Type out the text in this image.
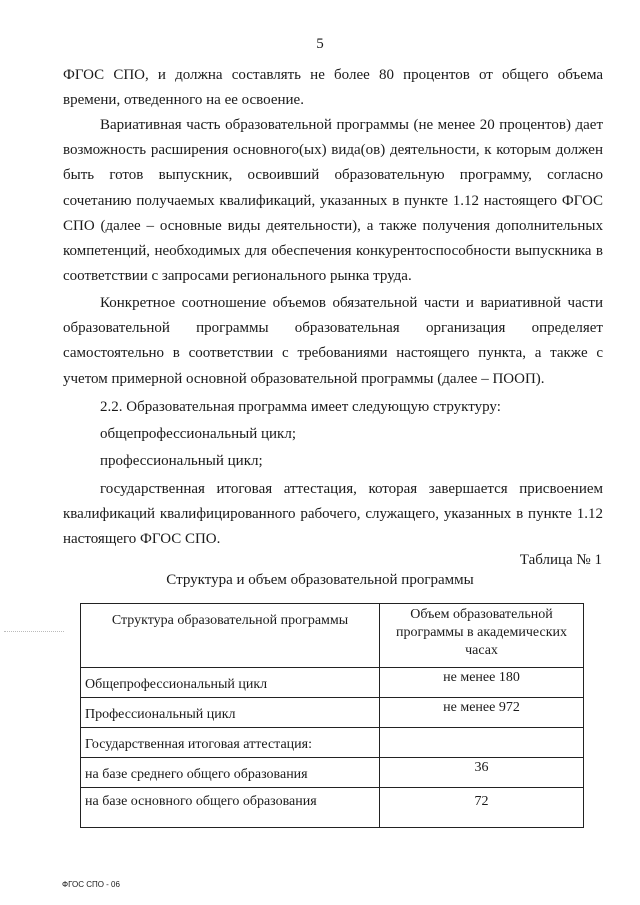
5

ФГОС СПО, и должна составлять не более 80 процентов от общего объема времени, отведенного на ее освоение.

Вариативная часть образовательной программы (не менее 20 процентов) дает возможность расширения основного(ых) вида(ов) деятельности, к которым должен быть готов выпускник, освоивший образовательную программу, согласно сочетанию получаемых квалификаций, указанных в пункте 1.12 настоящего ФГОС СПО (далее – основные виды деятельности), а также получения дополнительных компетенций, необходимых для обеспечения конкурентоспособности выпускника в соответствии с запросами регионального рынка труда.

Конкретное соотношение объемов обязательной части и вариативной части образовательной программы образовательная организация определяет самостоятельно в соответствии с требованиями настоящего пункта, а также с учетом примерной основной образовательной программы (далее – ПООП).

2.2. Образовательная программа имеет следующую структуру:

общепрофессиональный цикл;

профессиональный цикл;

государственная итоговая аттестация, которая завершается присвоением квалификаций квалифицированного рабочего, служащего, указанных в пункте 1.12 настоящего ФГОС СПО.

Таблица № 1
Структура и объем образовательной программы
Структура образовательной программы	Объем образовательной программы в академических часах
Общепрофессиональный цикл	не менее 180
Профессиональный цикл	не менее 972
Государственная итоговая аттестация:	
на базе среднего общего образования	36
на базе основного общего образования	72
ФГОС СПО - 06
